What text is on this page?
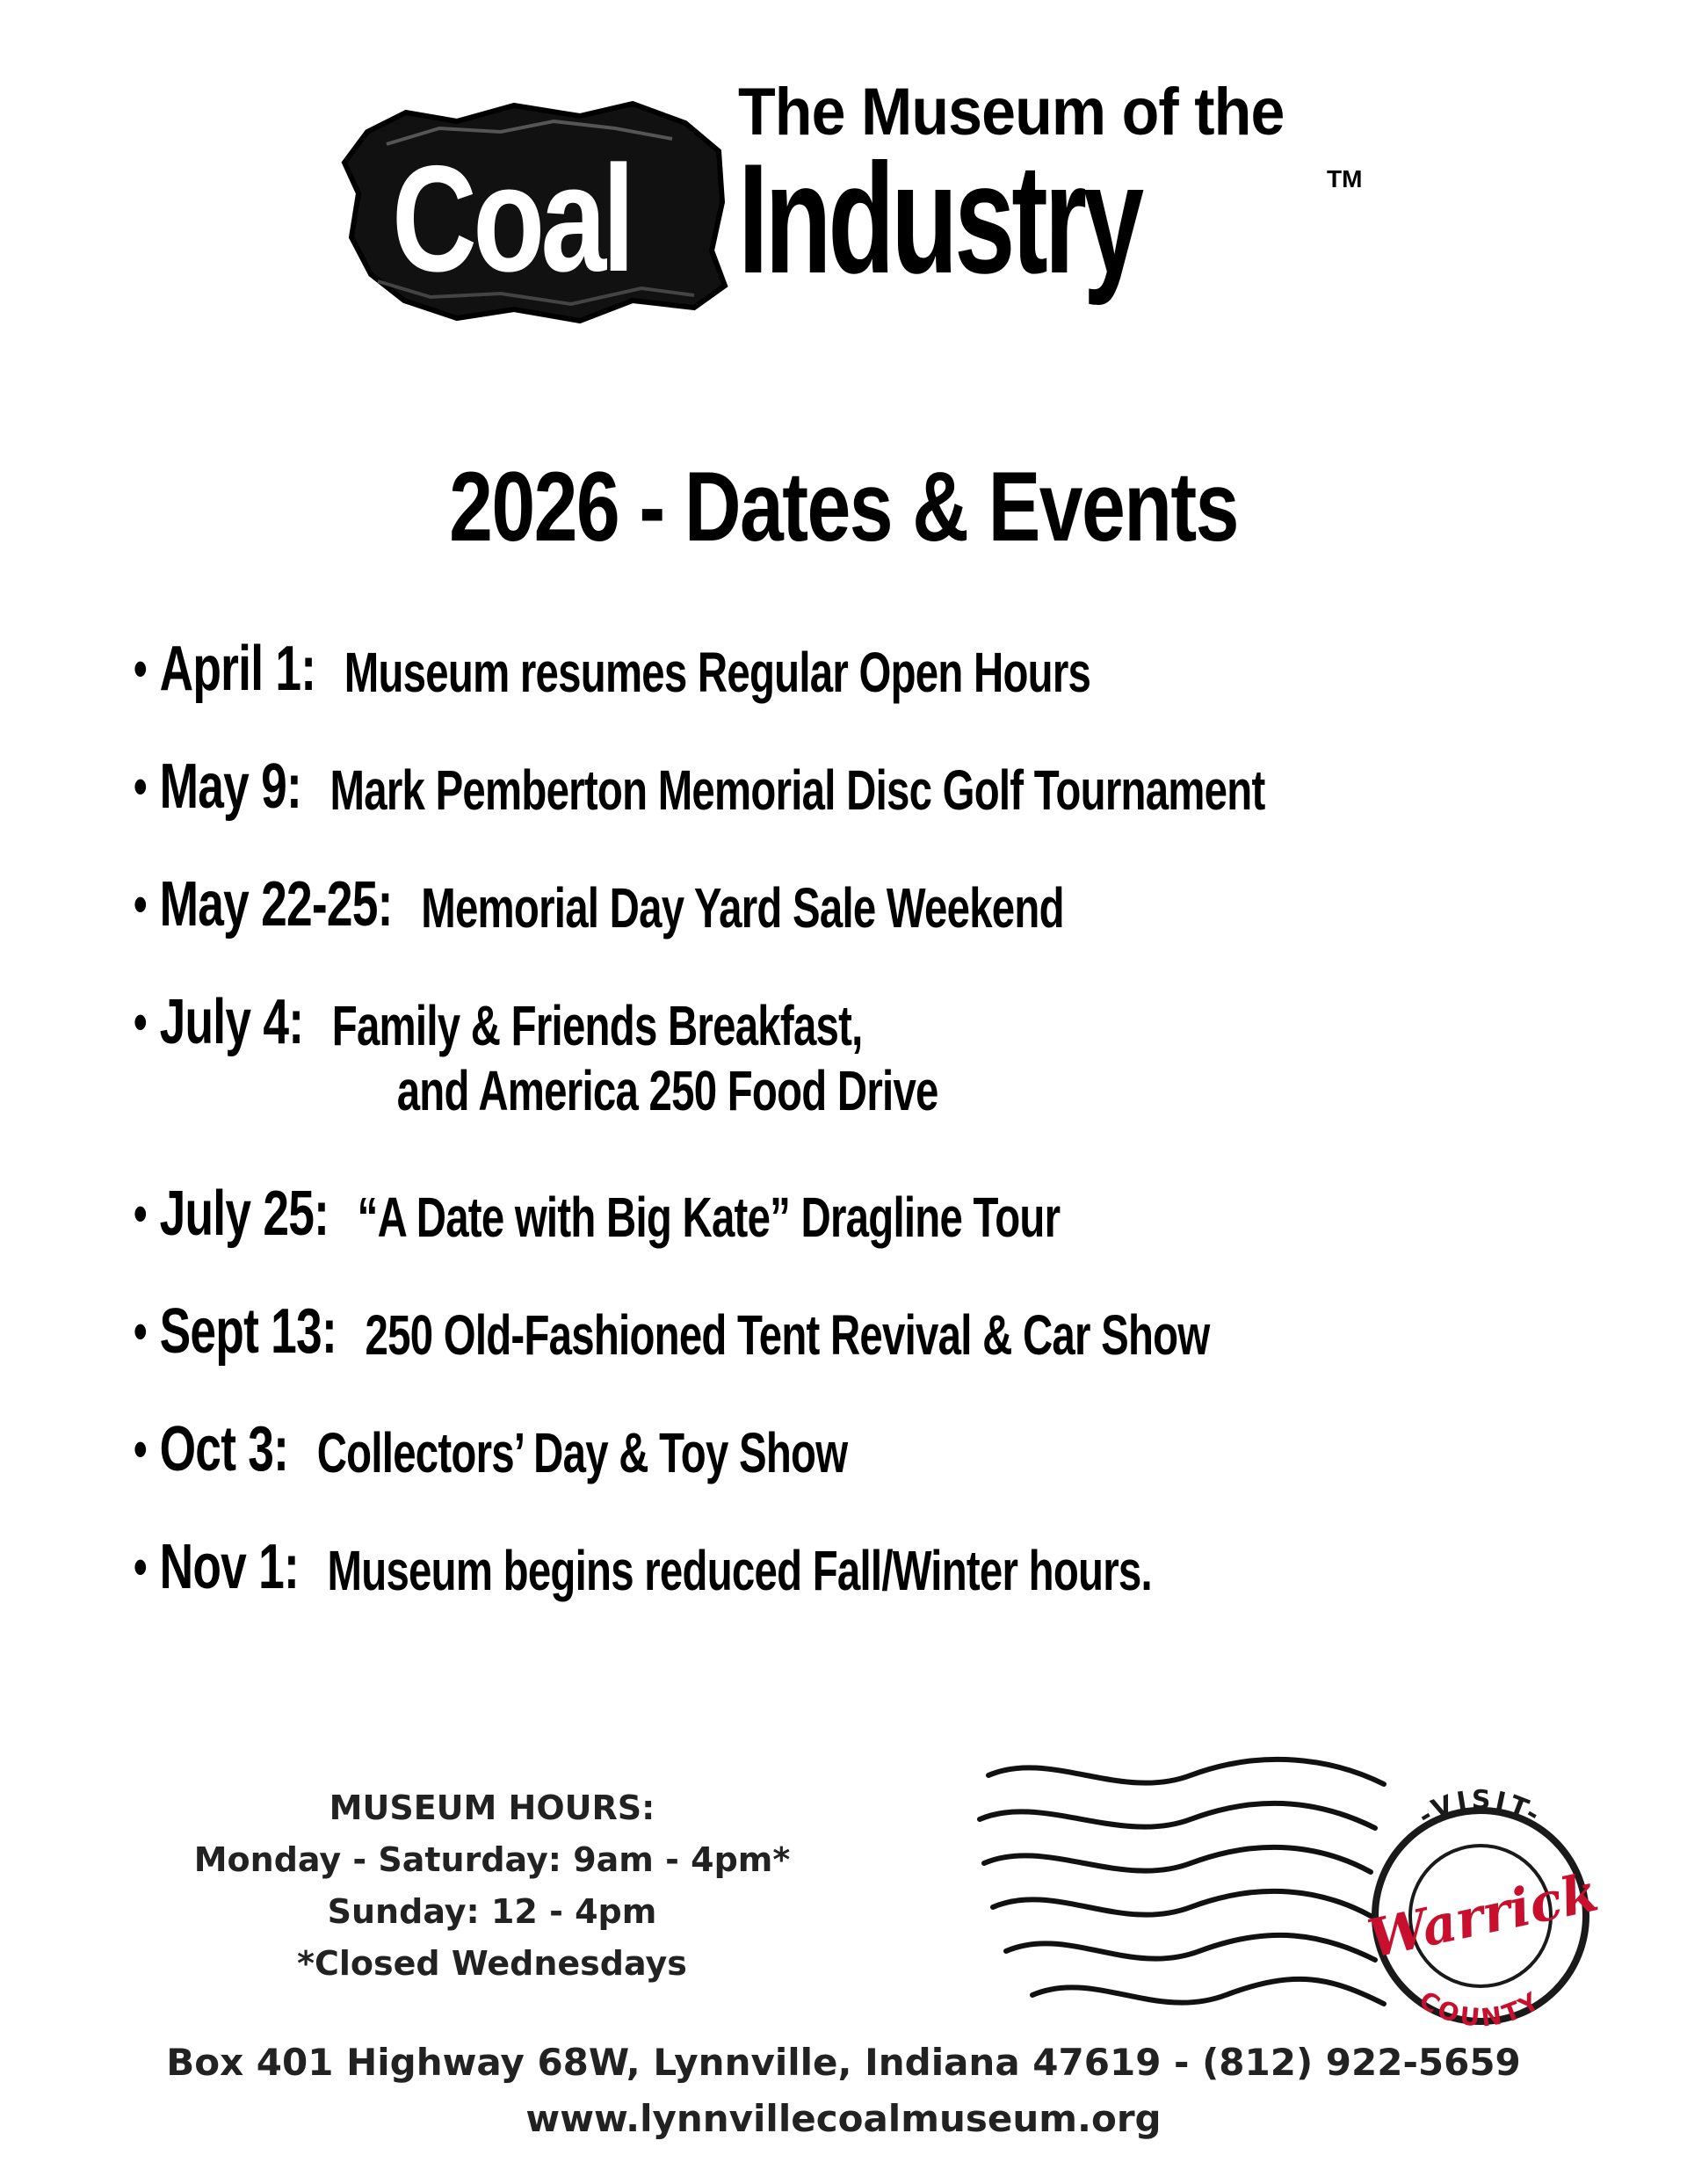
The Museum of the
Coal Industry	TM
2026 - Dates & Events
• April 1: Museum resumes Regular Open Hours
• May 9: Mark Pemberton Memorial Disc Golf Tournament
• May 22-25: Memorial Day Yard Sale Weekend
• July 4: Family & Friends Breakfast,
and America 250 Food Drive
• July 25: “A Date with Big Kate” Dragline Tour
• Sept 13: 250 Old-Fashioned Tent Revival & Car Show
• Oct 3: Collectors’ Day & Toy Show
• Nov 1: Museum begins reduced Fall/Winter hours.
MUSEUM HOURS:
Monday - Saturday: 9am - 4pm*
Sunday: 12 - 4pm
*Closed Wednesdays
-VISIT-
COUNTY
Warrick
Box 401 Highway 68W, Lynnville, Indiana 47619 - (812) 922-5659
www.lynnvillecoalmuseum.org
